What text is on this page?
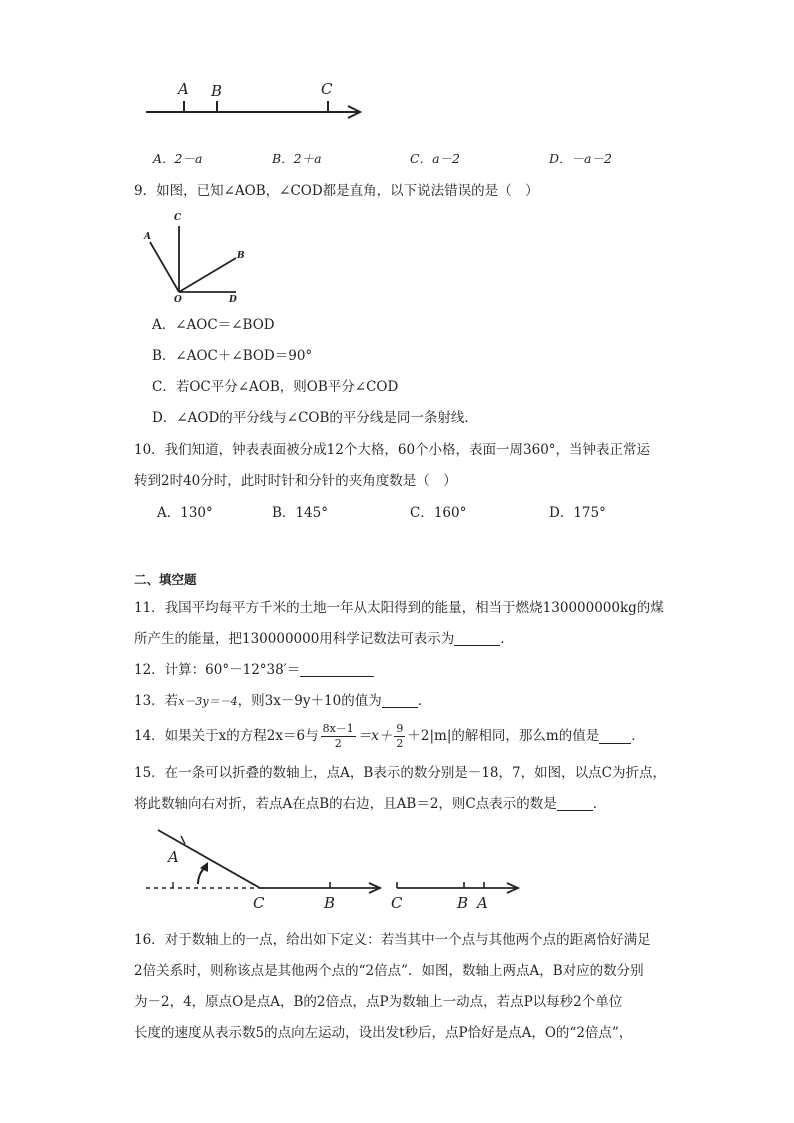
A B	C
A．2－a	B．2＋a	C．a－2	D．－a－2
9．如图，已知∠AOB，∠COD都是直角，以下说法错误的是（　）
C
A
B
O	D
A．∠AOC＝∠BOD
B．∠AOC＋∠BOD＝90°
C．若OC平分∠AOB，则OB平分∠COD
D．∠AOD的平分线与∠COB的平分线是同一条射线．
10．我们知道，钟表表面被分成12个大格，60个小格，表面一周360°，当钟表正常运
转到2时40分时，此时时针和分针的夹角度数是（　）
A．130°	B．145°	C．160°	D．175°
二、填空题
11．我国平均每平方千米的土地一年从太阳得到的能量，相当于燃烧130000000kg的煤
所产生的能量，把130000000用科学记数法可表示为	．
12．计算：60°－12°38′＝
13．若x－3y＝－4，则3x－9y＋10的值为	．
14．如果关于x的方程2x＝6与 $\frac{8x-1}{2} =x+ \frac{9}{2} +2|m|$的解相同，那么m的值是 ．
15．在一条可以折叠的数轴上，点A，B表示的数分别是－18，7，如图，以点C为折点，
将此数轴向右对折，若点A在点B的右边，且AB＝2，则C点表示的数是	．
A
C	B	C	B A
16．对于数轴上的一点，给出如下定义：若当其中一个点与其他两个点的距离恰好满足
2倍关系时，则称该点是其他两个点的“2倍点”．如图，数轴上两点A，B对应的数分别
为－2，4，原点O是点A，B的2倍点，点P为数轴上一动点，若点P以每秒2个单位
长度的速度从表示数5的点向左运动，设出发t秒后，点P恰好是点A，O的“2倍点”，
